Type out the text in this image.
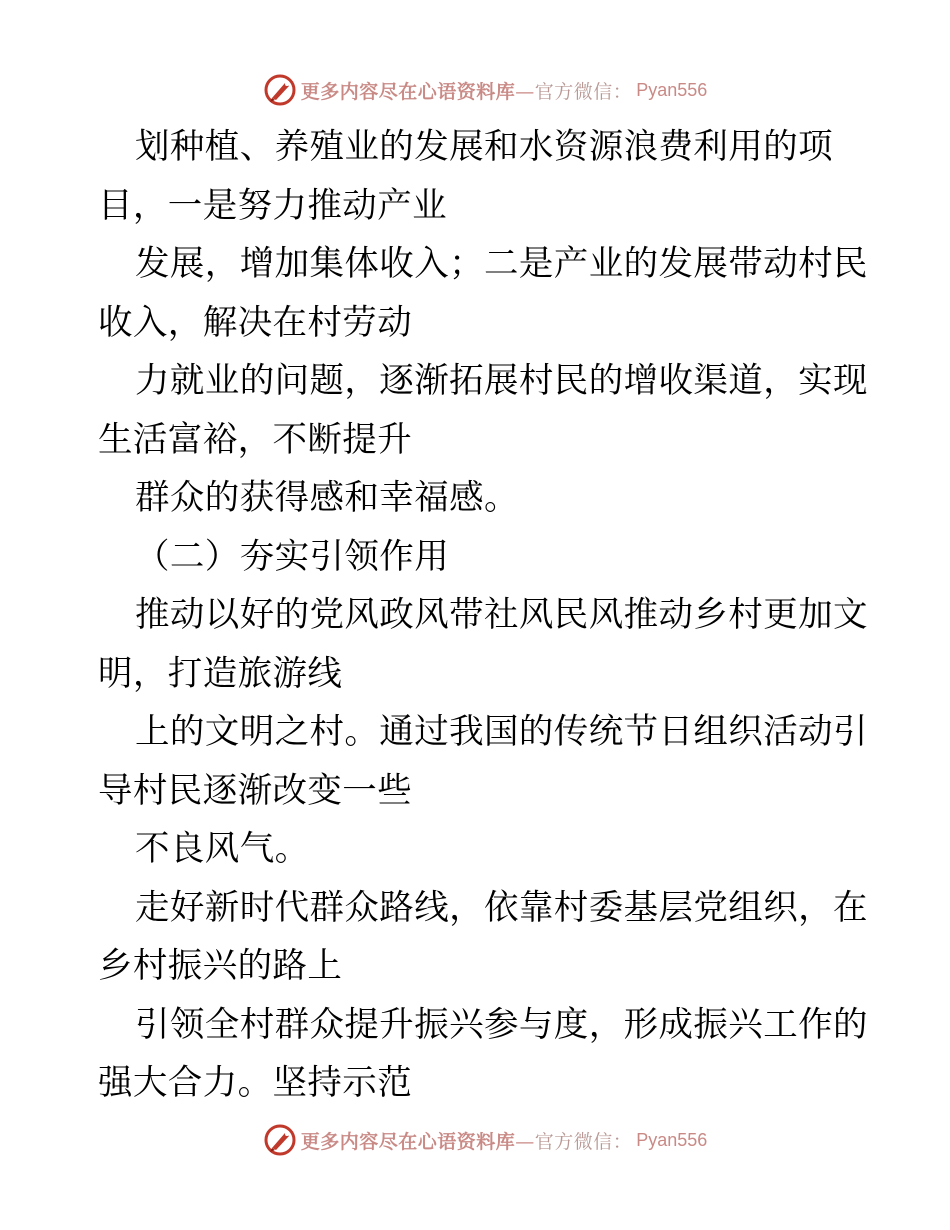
更多内容尽在心语资料库—官方微信： Pyan556
划种植、养殖业的发展和水资源浪费利用的项
目，一是努力推动产业
发展，增加集体收入；二是产业的发展带动村民
收入，解决在村劳动
力就业的问题，逐渐拓展村民的增收渠道，实现
生活富裕，不断提升
群众的获得感和幸福感。
（二）夯实引领作用
推动以好的党风政风带社风民风推动乡村更加文
明，打造旅游线
上的文明之村。通过我国的传统节日组织活动引
导村民逐渐改变一些
不良风气。
走好新时代群众路线，依靠村委基层党组织，在
乡村振兴的路上
引领全村群众提升振兴参与度，形成振兴工作的
强大合力。坚持示范
更多内容尽在心语资料库—官方微信： Pyan556
